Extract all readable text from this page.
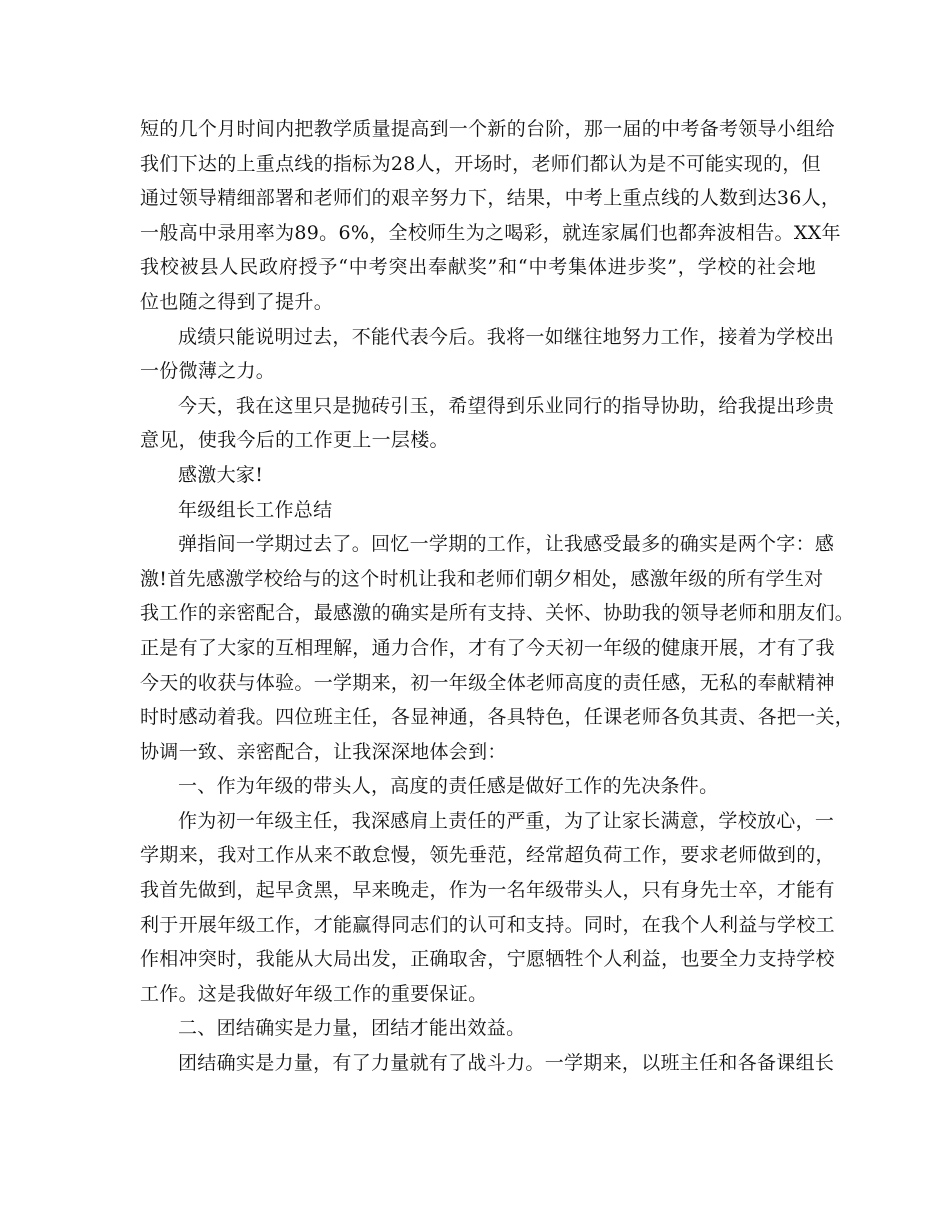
短的几个月时间内把教学质量提高到一个新的台阶，那一届的中考备考领导小组给
我们下达的上重点线的指标为28人，开场时，老师们都认为是不可能实现的，但
通过领导精细部署和老师们的艰辛努力下，结果，中考上重点线的人数到达36人，
一般高中录用率为89。6%，全校师生为之喝彩，就连家属们也都奔波相告。XX年
我校被县人民政府授予“中考突出奉献奖”和“中考集体进步奖”，学校的社会地
位也随之得到了提升。
成绩只能说明过去，不能代表今后。我将一如继往地努力工作，接着为学校出
一份微薄之力。
今天，我在这里只是抛砖引玉，希望得到乐业同行的指导协助，给我提出珍贵
意见，使我今后的工作更上一层楼。
感激大家!
年级组长工作总结
弹指间一学期过去了。回忆一学期的工作，让我感受最多的确实是两个字：感
激!首先感激学校给与的这个时机让我和老师们朝夕相处，感激年级的所有学生对
我工作的亲密配合，最感激的确实是所有支持、关怀、协助我的领导老师和朋友们。
正是有了大家的互相理解，通力合作，才有了今天初一年级的健康开展，才有了我
今天的收获与体验。一学期来，初一年级全体老师高度的责任感，无私的奉献精神
时时感动着我。四位班主任，各显神通，各具特色，任课老师各负其责、各把一关，
协调一致、亲密配合，让我深深地体会到：
一、作为年级的带头人，高度的责任感是做好工作的先决条件。
作为初一年级主任，我深感肩上责任的严重，为了让家长满意，学校放心，一
学期来，我对工作从来不敢怠慢，领先垂范，经常超负荷工作，要求老师做到的，
我首先做到，起早贪黑，早来晚走，作为一名年级带头人，只有身先士卒，才能有
利于开展年级工作，才能赢得同志们的认可和支持。同时，在我个人利益与学校工
作相冲突时，我能从大局出发，正确取舍，宁愿牺牲个人利益，也要全力支持学校
工作。这是我做好年级工作的重要保证。
二、团结确实是力量，团结才能出效益。
团结确实是力量，有了力量就有了战斗力。一学期来，以班主任和各备课组长
